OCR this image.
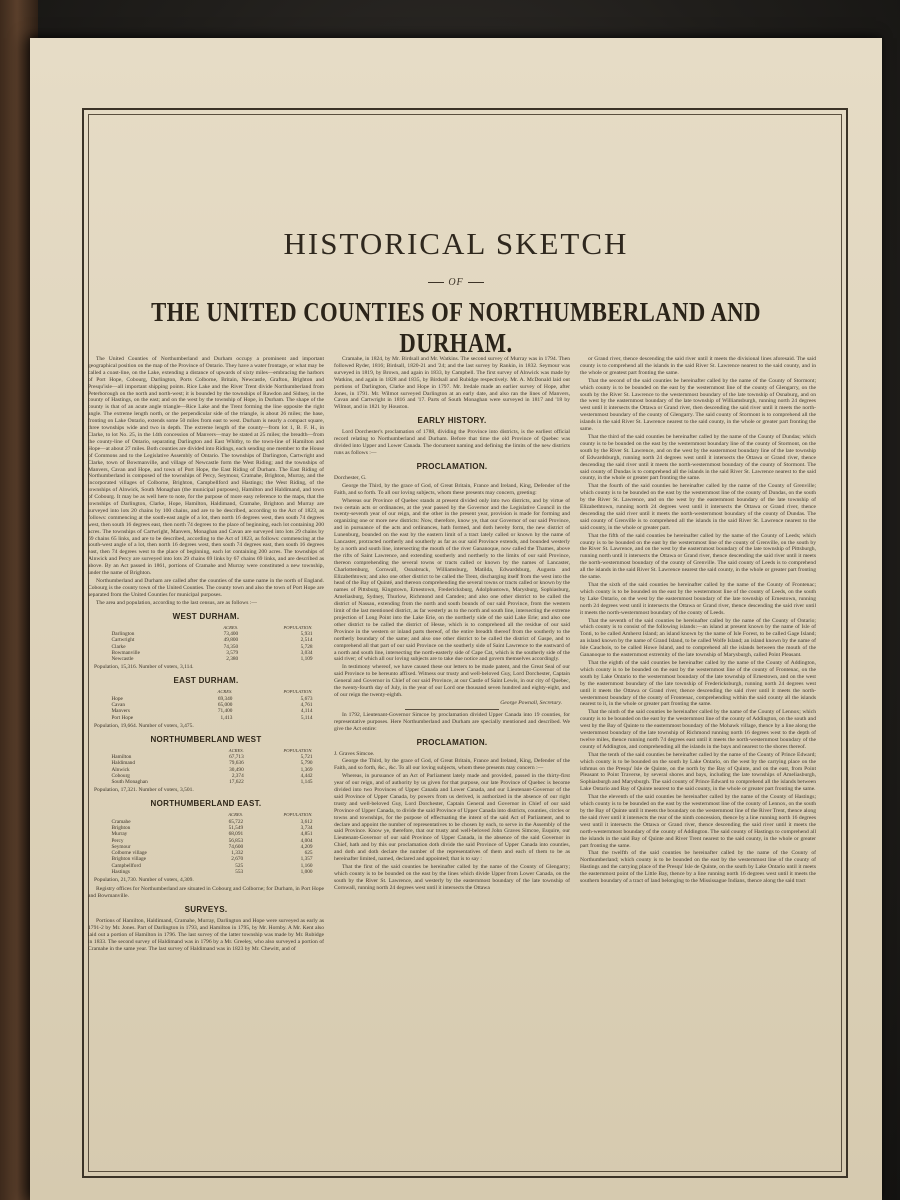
HISTORICAL SKETCH
OF
THE UNITED COUNTIES OF NORTHUMBERLAND AND DURHAM.

The United Counties of Northumberland and Durham occupy a prominent and important geographical position on the map of the Province of Ontario. They have a water frontage, or what may be called a coast-line, on the Lake, extending a distance of upwards of sixty miles—embracing the harbors of Port Hope, Cobourg, Darlington, Ports Colborne, Britain, Newcastle, Grafton, Brighton and Presqu'isle—all important shipping points. Rice Lake and the River Trent divide Northumberland from Peterborough on the north and north-west; it is bounded by the townships of Rawdon and Sidney, in the county of Hastings, on the east; and on the west by the township of Hope, in Durham. The shape of the county is that of an acute angle triangle—Rice Lake and the Trent forming the line opposite the right angle. The extreme length north, or the perpendicular side of the triangle, is about 26 miles; the base, fronting on Lake Ontario, extends some 50 miles from east to west. Durham is nearly a compact square, three townships wide and two in depth. The extreme length of the county—from lot 1, B. F. H., in Clarke, to lot No. 25, in the 14th concession of Manvers—may be stated at 25 miles; the breadth—from the county-line of Ontario, separating Darlington and East Whitby, to the town-line of Hamilton and Hope—at about 27 miles. Both counties are divided into Ridings, each sending one member to the House of Commons and to the Legislative Assembly of Ontario. The townships of Darlington, Cartwright and Clarke, town of Bowmanville, and village of Newcastle form the West Riding; and the townships of Manvers, Cavan and Hope, and town of Port Hope, the East Riding of Durham. The East Riding of Northumberland is composed of the townships of Percy, Seymour, Cramahe, Brighton, Murray, and the incorporated villages of Colborne, Brighton, Campbellford and Hastings; the West Riding, of the townships of Alnwick, South Monaghan (the municipal purposes), Hamilton and Haldimand, and town of Cobourg. It may be as well here to note, for the purpose of more easy reference to the maps, that the townships of Darlington, Clarke, Hope, Hamilton, Haldimand, Cramahe, Brighton and Murray are surveyed into lots 20 chains by 100 chains, and are to be described, according to the Act of 1823, as follows: commencing at the south-east angle of a lot, then north 16 degrees west, then south 74 degrees west, then south 16 degrees east, then north 74 degrees to the place of beginning, each lot containing 200 acres. The townships of Cartwright, Manvers, Monaghan and Cavan are surveyed into lots 29 chains by 69 chains 65 links, and are to be described, according to the Act of 1823, as follows: commencing at the south-west angle of a lot, then north 16 degrees west, then south 74 degrees east, then south 16 degrees east, then 74 degrees west to the place of beginning, each lot containing 200 acres. The townships of Alnwick and Percy are surveyed into lots 29 chains 69 links by 67 chains 69 links, and are described as above. By an Act passed in 1861, portions of Cramahe and Murray were constituted a new township, under the name of Brighton.

Northumberland and Durham are called after the counties of the same name in the north of England. Cobourg is the county town of the United Counties. The county town and also the town of Port Hope are separated from the United Counties for municipal purposes.

The area and population, according to the last census, are as follows :—

WEST DURHAM.
	ACRES.	POPULATION.
Darlington	73,400	5,931
Cartwright	49,800	2,514
Clarke	74,350	5,728
Bowmanville	3,579	3,034
Newcastle	2,380	1,109
Population, 15,316. Number of voters, 3,114.
EAST DURHAM.
	ACRES.	POPULATION.
Hope	69,340	5,673
Cavan	65,000	4,761
Manvers	71,400	4,114
Port Hope	1,413	5,114
Population, 19,664. Number of voters, 3,475.
NORTHUMBERLAND WEST
	ACRES.	POPULATION.
Hamilton	67,713	5,721
Haldimand	79,636	5,790
Alnwick	30,490	1,369
Cobourg	2,374	4,442
South Monaghan	17,622	1,145
Population, 17,321. Number of voters, 3,501.
NORTHUMBERLAND EAST.
	ACRES.	POPULATION.
Cramahe	65,722	3,612
Brighton	51,549	3,734
Murray	68,091	4,851
Percy	56,853	4,004
Seymour	74,600	4,209
Colborne village	1,332	625
Brighton village	2,670	1,357
Campbellford	525	1,160
Hastings	553	1,000
Population, 21,730. Number of voters, 4,309.

Registry offices for Northumberland are situated in Cobourg and Colborne; for Durham, in Port Hope and Bowmanville.

SURVEYS.

Portions of Hamilton, Haldimand, Cramahe, Murray, Darlington and Hope were surveyed as early as 1791-2 by Mr. Jones. Part of Darlington in 1793, and Hamilton in 1795, by Mr. Hornby. A Mr. Kent also laid out a portion of Hamilton in 1796. The last survey of the latter township was made by Mr. Rubidge in 1833. The second survey of Haldimand was in 1796 by a Mr. Greeley, who also surveyed a portion of Cramahe in the same year. The last survey of Haldimand was in 1823 by Mr. Chewitt, and of

Cramahe, in 1824, by Mr. Birdsall and Mr. Watkins. The second survey of Murray was in 1794. Then followed Ryder, 1816; Birdsall, 1820-21 and '24; and the last survey by Rankin, in 1832. Seymour was surveyed in 1819, by Brown, and again in 1833, by Campbell. The first survey of Alnwick was made by Watkins, and again in 1828 and 1835, by Birdsall and Rubidge respectively. Mr. A. McDonald laid out portions of Darlington, Clarke and Hope in 1797. Mr. Iredale made an earlier survey of Hope, after Jones, in 1791. Mr. Wilmot surveyed Darlington at an early date, and also ran the lines of Manvers, Cavan and Cartwright in 1816 and '17. Parts of South Monaghan were surveyed in 1817 and '18 by Wilmot, and in 1821 by Houston.

EARLY HISTORY.

Lord Dorchester's proclamation of 1788, dividing the Province into districts, is the earliest official record relating to Northumberland and Durham. Before that time the old Province of Quebec was divided into Upper and Lower Canada. The document naming and defining the limits of the new districts runs as follows :—

PROCLAMATION.
Dorchester, G.

George the Third, by the grace of God, of Great Britain, France and Ireland, King, Defender of the Faith, and so forth. To all our loving subjects, whom these presents may concern, greeting:

Whereas our Province of Quebec stands at present divided only into two districts, and by virtue of two certain acts or ordinances, at the year passed by the Governor and the Legislative Council in the twenty-seventh year of our reign, and the other in the present year, provision is made for forming and organizing one or more new districts: Now, therefore, know ye, that our Governor of our said Province, and in pursuance of the acts and ordinances, hath formed, and doth hereby form, the new district of Lunenburg, bounded on the east by the eastern limit of a tract lately called or known by the name of Lancaster, protracted northerly and southerly as far as our said Province extends, and bounded westerly by a north and south line, intersecting the mouth of the river Gananoque, now called the Thames, above the rifts of Saint Lawrence, and extending southerly and northerly to the limits of our said Province, thereon comprehending the several towns or tracts called or known by the names of Lancaster, Charlottenburg, Cornwall, Osnabruck, Williamsburg, Matilda, Edwardsburg, Augusta and Elizabethtown; and also one other district to be called the Trent, discharging itself from the west into the head of the Bay of Quinté, and thereon comprehending the several towns or tracts called or known by the names of Pittsburg, Kingstown, Ernestown, Fredericksburg, Adolphustown, Marysburg, Sophiasburg, Ameliasburg, Sydney, Thurlow, Richmond and Camden; and also one other district to be called the district of Nassau, extending from the north and south bounds of our said Province, from the western limit of the last mentioned district, as far westerly as to the north and south line, intersecting the extreme projection of Long Point into the Lake Erie, on the northerly side of the said Lake Erie; and also one other district to be called the district of Hesse, which is to comprehend all the residue of our said Province in the western or inland parts thereof, of the entire breadth thereof from the southerly to the northerly boundary of the same; and also one other district to be called the district of Gaspe, and to comprehend all that part of our said Province on the southerly side of Saint Lawrence to the eastward of a north and south line, intersecting the north-easterly side of Cape Cat, which is the southerly side of the said river; of which all our loving subjects are to take due notice and govern themselves accordingly.

In testimony whereof, we have caused these our letters to be made patent, and the Great Seal of our said Province to be hereunto affixed. Witness our trusty and well-beloved Guy, Lord Dorchester, Captain General and Governor in Chief of our said Province, at our Castle of Saint Lewis, in our city of Quebec, the twenty-fourth day of July, in the year of our Lord one thousand seven hundred and eighty-eight, and of our reign the twenty-eighth.

George Pownall, Secretary.

In 1792, Lieutenant-Governor Simcoe by proclamation divided Upper Canada into 19 counties, for representative purposes. Here Northumberland and Durham are specially mentioned and described. We give the Act entire:

PROCLAMATION.
J. Graves Simcoe.

George the Third, by the grace of God, of Great Britain, France and Ireland, King, Defender of the Faith, and so forth, &c., &c. To all our loving subjects, whom these presents may concern :—

Whereas, in pursuance of an Act of Parliament lately made and provided, passed in the thirty-first year of our reign, and of authority by us given for that purpose, our late Province of Quebec is become divided into two Provinces of Upper Canada and Lower Canada, and our Lieutenant-Governor of the said Province of Upper Canada, by powers from us derived, is authorized in the absence of our right trusty and well-beloved Guy, Lord Dorchester, Captain General and Governor in Chief of our said Province of Upper Canada, to divide the said Province of Upper Canada into districts, counties, circles or towns and townships, for the purpose of effectuating the intent of the said Act of Parliament, and to declare and appoint the number of representatives to be chosen by each, to serve in the Assembly of the said Province. Know ye, therefore, that our trusty and well-beloved John Graves Simcoe, Esquire, our Lieutenant-Governor of our said Province of Upper Canada, in the absence of the said Governor in Chief, hath and by this our proclamation doth divide the said Province of Upper Canada into counties, and doth and doth declare the number of the representatives of them and each of them to be as hereinafter limited, named, declared and appointed; that is to say :

That the first of the said counties be hereinafter called by the name of the County of Glengarry; which county is to be bounded on the east by the lines which divide Upper from Lower Canada, on the south by the River St. Lawrence, and westerly by the easternmost boundary of the late township of Cornwall, running north 24 degrees west until it intersects the Ottawa

or Grand river, thence descending the said river until it meets the divisional lines aforesaid. The said county is to comprehend all the islands in the said River St. Lawrence nearest to the said county, and in the whole or greatest part fronting the same.

That the second of the said counties be hereinafter called by the name of the County of Stormont; which county is to be bounded on the east by the westernmost line of the county of Glengarry, on the south by the River St. Lawrence to the westernmost boundary of the late township of Osnaburg, and on the west by the easternmost boundary of the late township of Williamsburgh, running north 24 degrees west until it intersects the Ottawa or Grand river, then descending the said river until it meets the north-westernmost boundary of the county of Glengarry. The said county of Stormont is to comprehend all the islands in the said River St. Lawrence nearest to the said county, in the whole or greater part fronting the same.

That the third of the said counties be hereinafter called by the name of the County of Dundas; which county is to be bounded on the east by the westernmost boundary line of the county of Stormont, on the south by the River St. Lawrence, and on the west by the easternmost boundary line of the late township of Edwardsburgh, running north 24 degrees west until it intersects the Ottawa or Grand river, thence descending the said river until it meets the north-westernmost boundary of the county of Stormont. The said county of Dundas is to comprehend all the islands in the said River St. Lawrence nearest to the said county, in the whole or greater part fronting the same.

That the fourth of the said counties be hereinafter called by the name of the County of Grenville; which county is to be bounded on the east by the westernmost line of the county of Dundas, on the south by the River St. Lawrence, and on the west by the easternmost boundary of the late township of Elizabethtown, running north 24 degrees west until it intersects the Ottawa or Grand river, thence descending the said river until it meets the north-westernmost boundary of the county of Dundas. The said county of Grenville is to comprehend all the islands in the said River St. Lawrence nearest to the said county, in the whole or greater part.

That the fifth of the said counties be hereinafter called by the name of the County of Leeds; which county is to be bounded on the east by the westernmost line of the county of Grenville, on the south by the River St. Lawrence, and on the west by the easternmost boundary of the late township of Pittsburgh, running north until it intersects the Ottawa or Grand river, thence descending the said river until it meets the north-westernmost boundary of the county of Grenville. The said county of Leeds is to comprehend all the islands in the said River St. Lawrence nearest the said county, in the whole or greater part fronting the same.

That the sixth of the said counties be hereinafter called by the name of the County of Frontenac; which county is to be bounded on the east by the westernmost line of the county of Leeds, on the south by Lake Ontario, on the west by the easternmost boundary of the late township of Ernestown, running north 24 degrees west until it intersects the Ottawa or Grand river, thence descending the said river until it meets the north-westernmost boundary of the county of Leeds.

That the seventh of the said counties be hereinafter called by the name of the County of Ontario; which county is to consist of the following islands:—an island at present known by the name of Isle of Tonti, to be called Amherst Island; an island known by the name of Isle Forest, to be called Gage Island; an island known by the name of Grand Island, to be called Wolfe Island; an island known by the name of Isle Cauchois, to be called Howe Island, and to comprehend all the islands between the mouth of the Gananoque to the easternmost extremity of the late township of Marysburgh, called Point Pleasant.

That the eighth of the said counties be hereinafter called by the name of the County of Addington, which county is to be bounded on the east by the westernmost line of the county of Frontenac, on the south by Lake Ontario to the westernmost boundary of the late township of Ernestown, and on the west by the easternmost boundary of the late township of Fredericksburgh, running north 24 degrees west until it meets the Ottawa or Grand river, thence descending the said river until it meets the north-westernmost boundary of the county of Frontenac, comprehending within the said county all the islands nearest to it, in the whole or greater part fronting the same.

That the ninth of the said counties be hereinafter called by the name of the County of Lennox; which county is to be bounded on the east by the westernmost line of the county of Addington, on the south and west by the Bay of Quinte to the easternmost boundary of the Mohawk village, thence by a line along the westernmost boundary of the late township of Richmond running north 16 degrees west to the depth of twelve miles, thence running north 74 degrees east until it meets the north-westernmost boundary of the county of Addington, and comprehending all the islands in the bays and nearest to the shores thereof.

That the tenth of the said counties be hereinafter called by the name of the County of Prince Edward; which county is to be bounded on the south by Lake Ontario, on the west by the carrying place on the isthmus on the Presqu' Isle de Quinte, on the north by the Bay of Quinte, and on the east, from Point Pleasant to Point Traverse, by several shores and bays, including the late townships of Ameliasburgh, Sophiasburgh and Marysburgh. The said county of Prince Edward to comprehend all the islands between Lake Ontario and Bay of Quinte nearest to the said county, in the whole or greater part fronting the same.

That the eleventh of the said counties be hereinafter called by the name of the County of Hastings; which county is to be bounded on the east by the westernmost line of the county of Lennox, on the south by the Bay of Quinte until it meets the boundary on the westernmost line of the River Trent, thence along the said river until it intersects the rear of the ninth concession, thence by a line running north 16 degrees west until it intersects the Ottawa or Grand river, thence descending the said river until it meets the north-westernmost boundary of the county of Addington. The said county of Hastings to comprehend all the islands in the said Bay of Quinte and River Trent nearest to the said county, in the whole or greater part fronting the same.

That the twelfth of the said counties be hereinafter called by the name of the County of Northumberland; which county is to be bounded on the east by the westernmost line of the county of Hastings and the carrying place of the Presqu' Isle de Quinte, on the south by Lake Ontario until it meets the easternmost point of the Little Bay, thence by a line running north 16 degrees west until it meets the southern boundary of a tract of land belonging to the Mississague Indians, thence along the said tract
